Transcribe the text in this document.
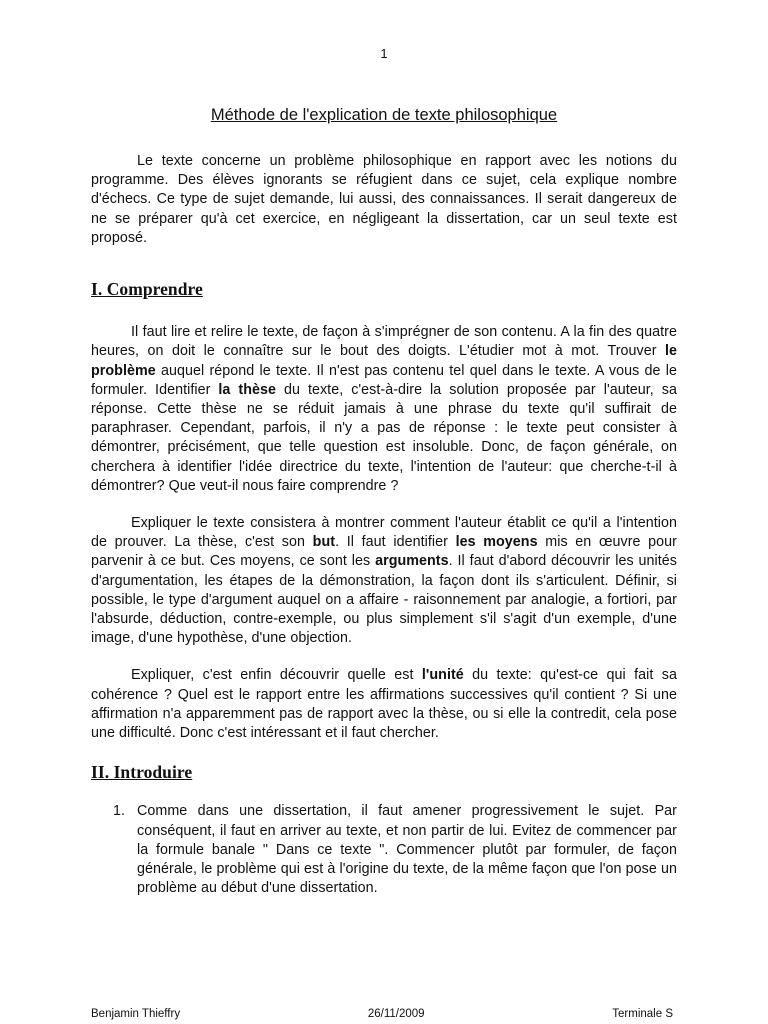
1
Méthode de l'explication de texte philosophique

Le texte concerne un problème philosophique en rapport avec les notions du programme. Des élèves ignorants se réfugient dans ce sujet, cela explique nombre d'échecs. Ce type de sujet demande, lui aussi, des connaissances. Il serait dangereux de ne se préparer qu'à cet exercice, en négligeant la dissertation, car un seul texte est proposé.

I. Comprendre

Il faut lire et relire le texte, de façon à s'imprégner de son contenu. A la fin des quatre heures, on doit le connaître sur le bout des doigts. L'étudier mot à mot. Trouver le problème auquel répond le texte. Il n'est pas contenu tel quel dans le texte. A vous de le formuler. Identifier la thèse du texte, c'est-à-dire la solution proposée par l'auteur, sa réponse. Cette thèse ne se réduit jamais à une phrase du texte qu'il suffirait de paraphraser. Cependant, parfois, il n'y a pas de réponse : le texte peut consister à démontrer, précisément, que telle question est insoluble. Donc, de façon générale, on cherchera à identifier l'idée directrice du texte, l'intention de l'auteur: que cherche-t-il à démontrer? Que veut-il nous faire comprendre ?

Expliquer le texte consistera à montrer comment l'auteur établit ce qu'il a l'intention de prouver. La thèse, c'est son but. Il faut identifier les moyens mis en œuvre pour parvenir à ce but. Ces moyens, ce sont les arguments. Il faut d'abord découvrir les unités d'argumentation, les étapes de la démonstration, la façon dont ils s'articulent. Définir, si possible, le type d'argument auquel on a affaire - raisonnement par analogie, a fortiori, par l'absurde, déduction, contre-exemple, ou plus simplement s'il s'agit d'un exemple, d'une image, d'une hypothèse, d'une objection.

Expliquer, c'est enfin découvrir quelle est l'unité du texte: qu'est-ce qui fait sa cohérence ? Quel est le rapport entre les affirmations successives qu'il contient ? Si une affirmation n'a apparemment pas de rapport avec la thèse, ou si elle la contredit, cela pose une difficulté. Donc c'est intéressant et il faut chercher.

II. Introduire
1. Comme dans une dissertation, il faut amener progressivement le sujet. Par conséquent, il faut en arriver au texte, et non partir de lui. Evitez de commencer par la formule banale " Dans ce texte ". Commencer plutôt par formuler, de façon générale, le problème qui est à l'origine du texte, de la même façon que l'on pose un problème au début d'une dissertation.
Benjamin Thieffry	26/11/2009	Terminale S
